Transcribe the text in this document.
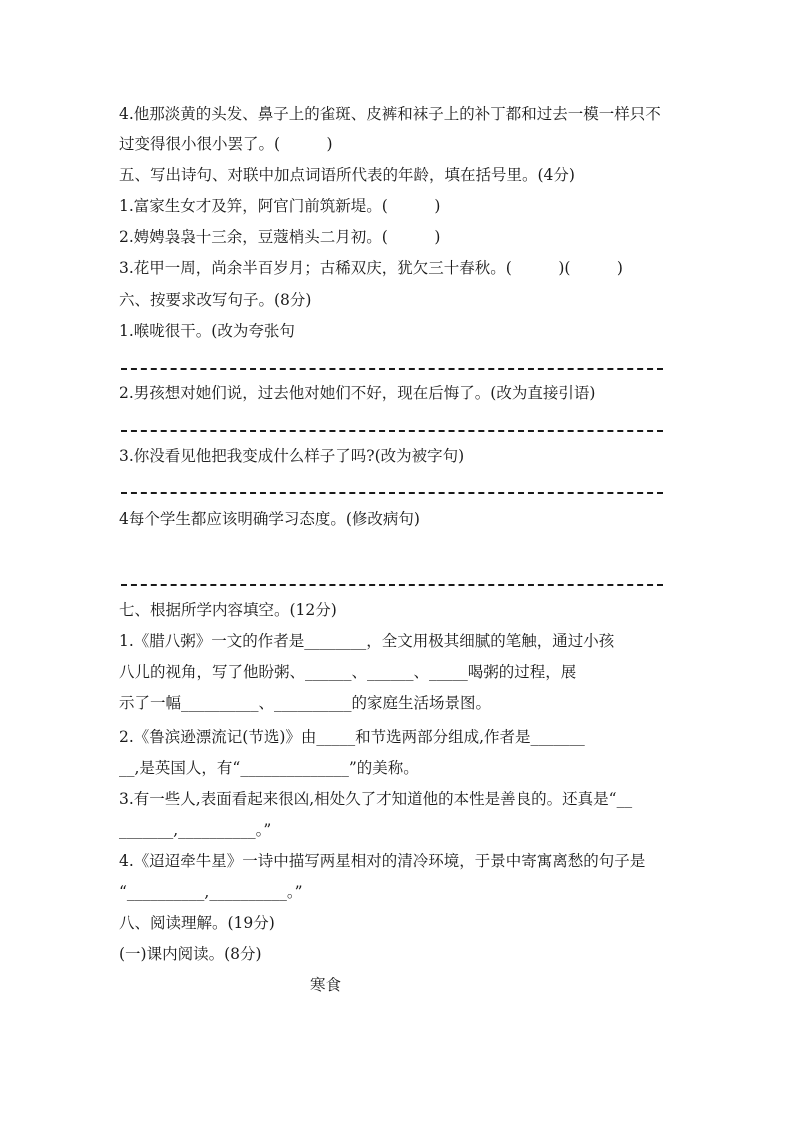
4.他那淡黄的头发、鼻子上的雀斑、皮裤和袜子上的补丁都和过去一模一样只不
过变得很小很小罢了。(　　　)
五、写出诗句、对联中加点词语所代表的年龄，填在括号里。(4分)
1.富家生女才及笄，阿官门前筑新堤。(　　　)
2.娉娉袅袅十三余，豆蔻梢头二月初。(　　　)
3.花甲一周，尚余半百岁月；古稀双庆，犹欠三十春秋。(　　　)(　　　)
六、按要求改写句子。(8分)
1.喉咙很干。(改为夸张句
2.男孩想对她们说，过去他对她们不好，现在后悔了。(改为直接引语)
3.你没看见他把我变成什么样子了吗?(改为被字句)
4每个学生都应该明确学习态度。(修改病句)
七、根据所学内容填空。(12分)
1.《腊八粥》一文的作者是________，全文用极其细腻的笔触，通过小孩
八儿的视角，写了他盼粥、______、______、_____喝粥的过程，展
示了一幅__________、__________的家庭生活场景图。
2.《鲁滨逊漂流记(节选)》由_____和节选两部分组成,作者是_______
__,是英国人，有“______________”的美称。
3.有一些人,表面看起来很凶,相处久了才知道他的本性是善良的。还真是“__
_______,__________。”
4.《迢迢牵牛星》一诗中描写两星相对的清冷环境，于景中寄寓离愁的句子是
“__________,__________。”
八、阅读理解。(19分)
(一)课内阅读。(8分)
寒食
